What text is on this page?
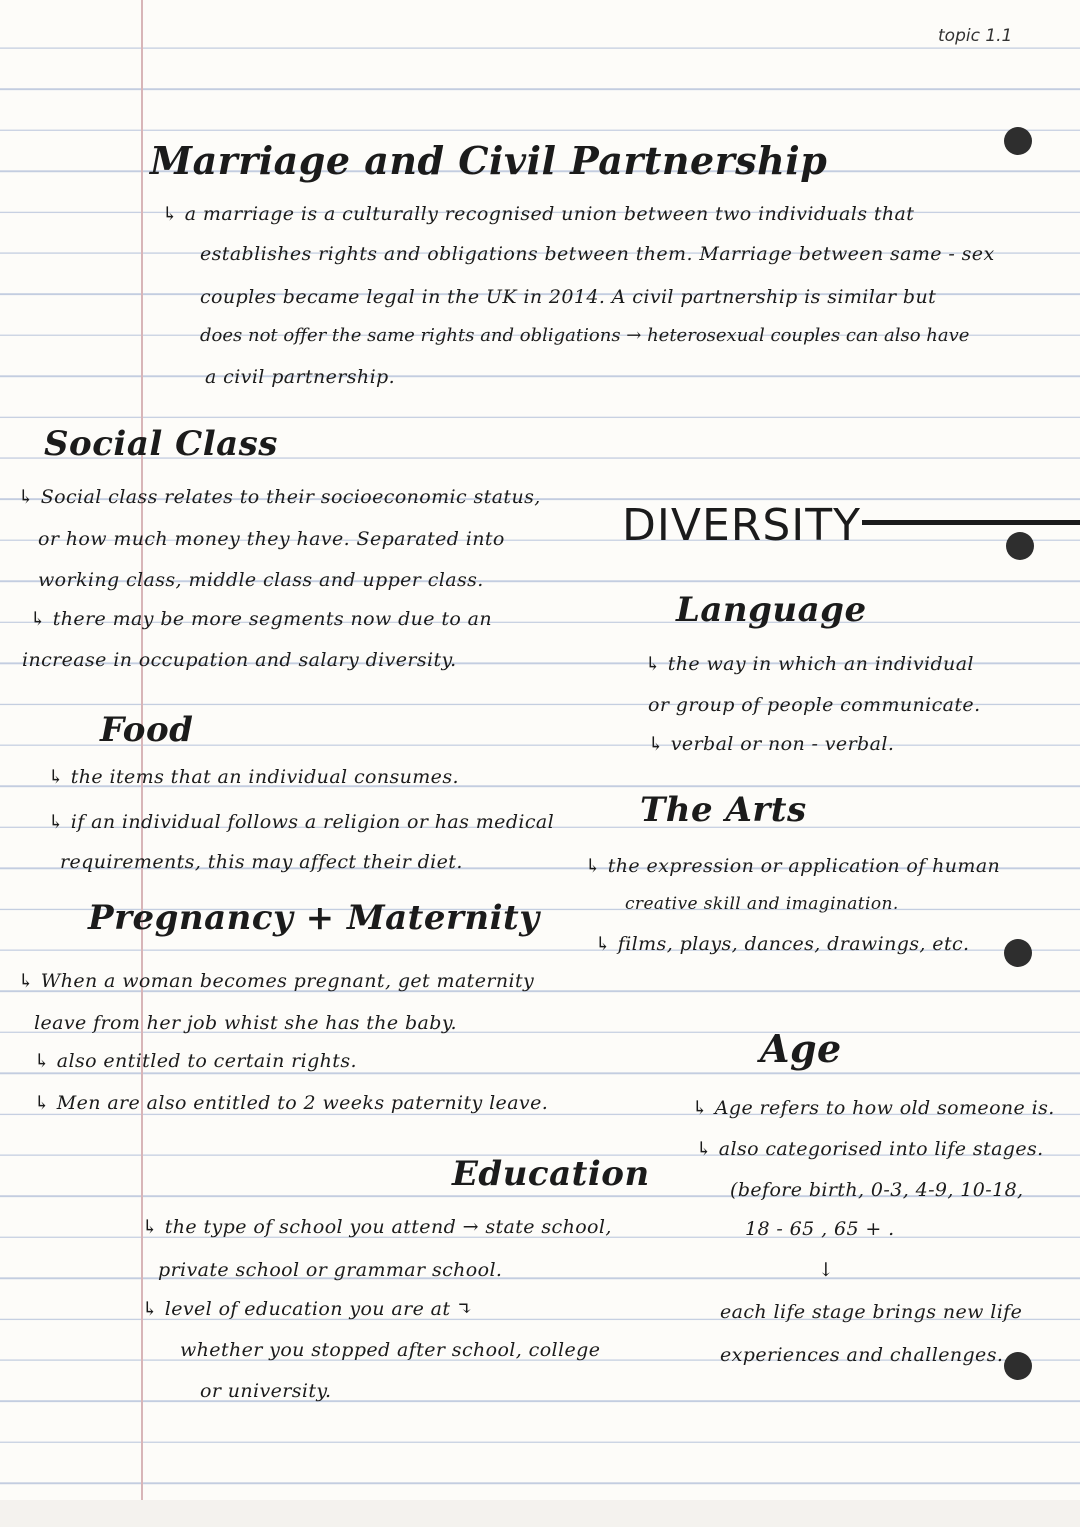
topic 1.1
Marriage and Civil Partnership
↳ a marriage is a culturally recognised union between two individuals that
establishes rights and obligations between them. Marriage between same - sex
couples became legal in the UK in 2014. A civil partnership is similar but
does not offer the same rights and obligations → heterosexual couples can also have
a civil partnership.
Social Class
↳ Social class relates to their socioeconomic status,
or how much money they have. Separated into
working class, middle class and upper class.
↳ there may be more segments now due to an
increase in occupation and salary diversity.
DIVERSITY
Language
↳ the way in which an individual
or group of people communicate.
↳ verbal or non - verbal.
Food
↳ the items that an individual consumes.
↳ if an individual follows a religion or has medical
requirements, this may affect their diet.
The Arts
↳ the expression or application of human
creative skill and imagination.
↳ films, plays, dances, drawings, etc.
Pregnancy + Maternity
↳ When a woman becomes pregnant, get maternity
leave from her job whist she has the baby.
↳ also entitled to certain rights.
↳ Men are also entitled to 2 weeks paternity leave.
Age
↳ Age refers to how old someone is.
↳ also categorised into life stages.
(before birth, 0-3, 4-9, 10-18,
18 - 65 , 65 + .
↓
each life stage brings new life
experiences and challenges.
Education
↳ the type of school you attend → state school,
private school or grammar school.
↳ level of education you are at ↴
whether you stopped after school, college
or university.
